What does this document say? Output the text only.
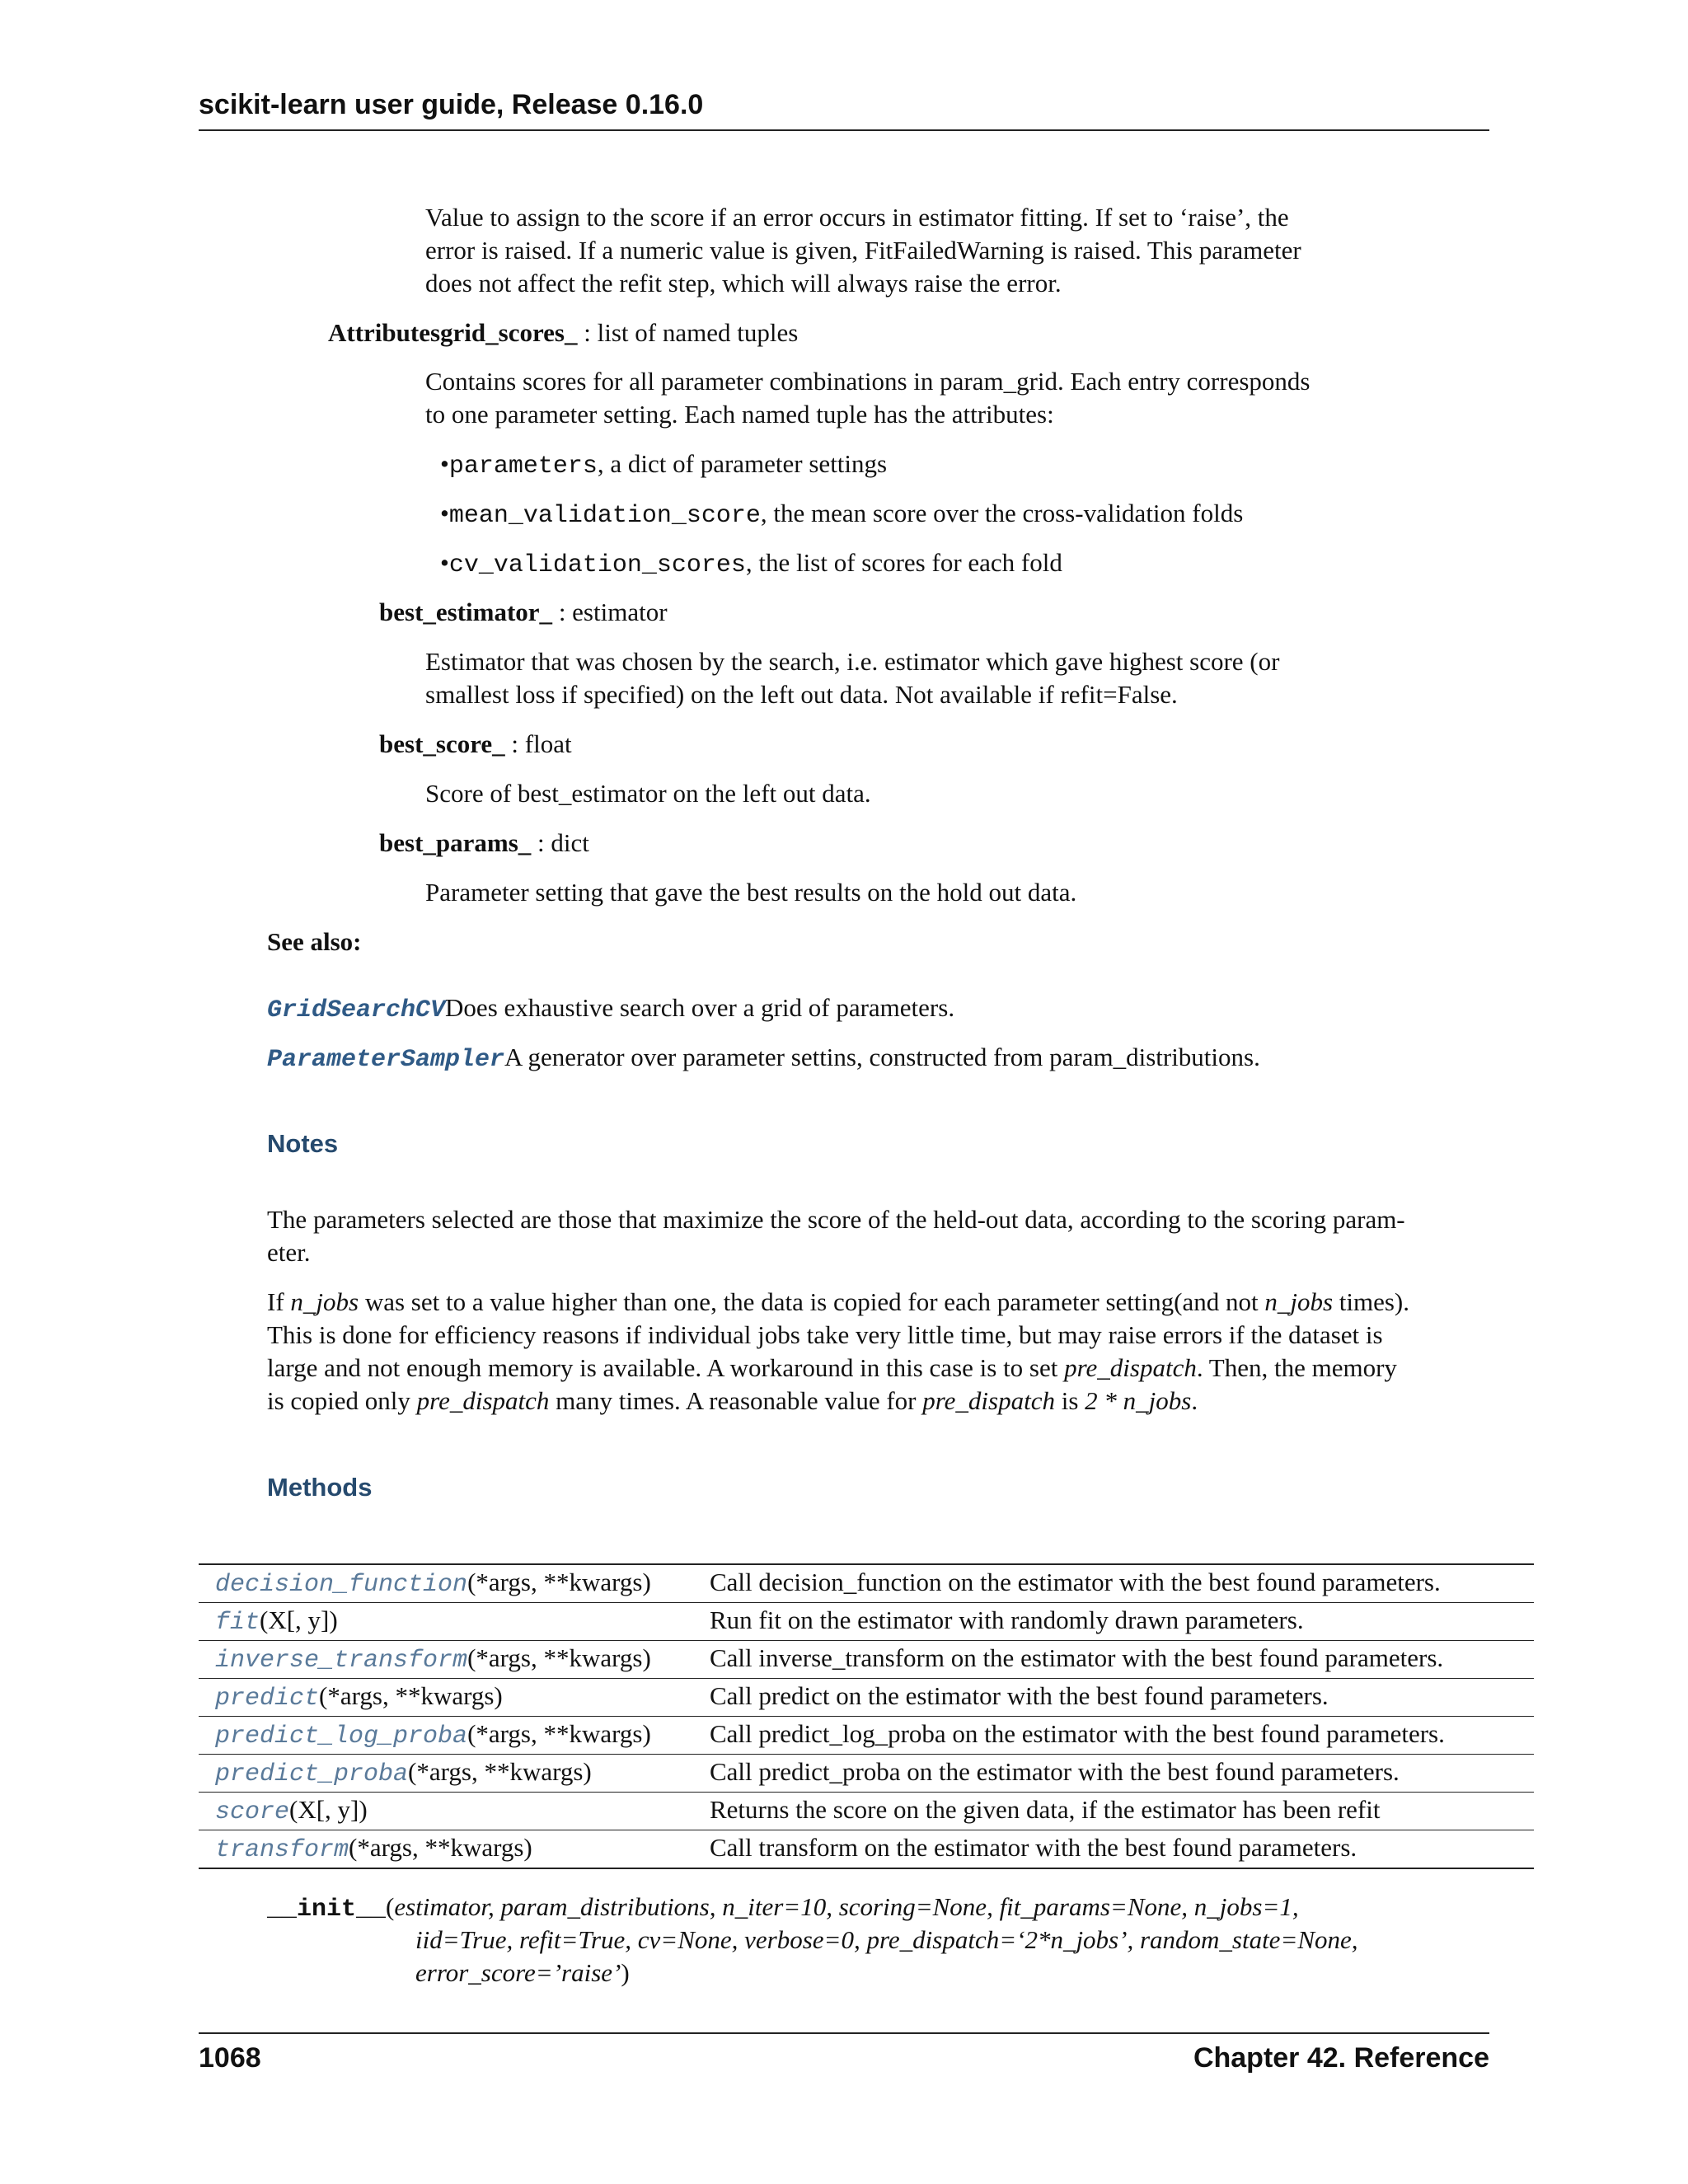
scikit-learn user guide, Release 0.16.0
Value to assign to the score if an error occurs in estimator fitting. If set to ‘raise’, the
error is raised. If a numeric value is given, FitFailedWarning is raised. This parameter
does not affect the refit step, which will always raise the error.
Attributesgrid_scores_ : list of named tuples
Contains scores for all parameter combinations in param_grid. Each entry corresponds
to one parameter setting. Each named tuple has the attributes:
•parameters, a dict of parameter settings
•mean_validation_score, the mean score over the cross-validation folds
•cv_validation_scores, the list of scores for each fold
best_estimator_ : estimator
Estimator that was chosen by the search, i.e. estimator which gave highest score (or
smallest loss if specified) on the left out data. Not available if refit=False.
best_score_ : float
Score of best_estimator on the left out data.
best_params_ : dict
Parameter setting that gave the best results on the hold out data.
See also:
GridSearchCVDoes exhaustive search over a grid of parameters.
ParameterSamplerA generator over parameter settins, constructed from param_distributions.
Notes
The parameters selected are those that maximize the score of the held-out data, according to the scoring param-
eter.
If n_jobs was set to a value higher than one, the data is copied for each parameter setting(and not n_jobs times).
This is done for efficiency reasons if individual jobs take very little time, but may raise errors if the dataset is
large and not enough memory is available. A workaround in this case is to set pre_dispatch. Then, the memory
is copied only pre_dispatch many times. A reasonable value for pre_dispatch is 2 * n_jobs.
Methods
decision_function(*args, **kwargs)	Call decision_function on the estimator with the best found parameters.
fit(X[, y])	Run fit on the estimator with randomly drawn parameters.
inverse_transform(*args, **kwargs)	Call inverse_transform on the estimator with the best found parameters.
predict(*args, **kwargs)	Call predict on the estimator with the best found parameters.
predict_log_proba(*args, **kwargs)	Call predict_log_proba on the estimator with the best found parameters.
predict_proba(*args, **kwargs)	Call predict_proba on the estimator with the best found parameters.
score(X[, y])	Returns the score on the given data, if the estimator has been refit
transform(*args, **kwargs)	Call transform on the estimator with the best found parameters.
__init__(estimator, param_distributions, n_iter=10, scoring=None, fit_params=None, n_jobs=1,
iid=True, refit=True, cv=None, verbose=0, pre_dispatch=‘2*n_jobs’, random_state=None,
error_score=’raise’)
1068	Chapter 42. Reference
